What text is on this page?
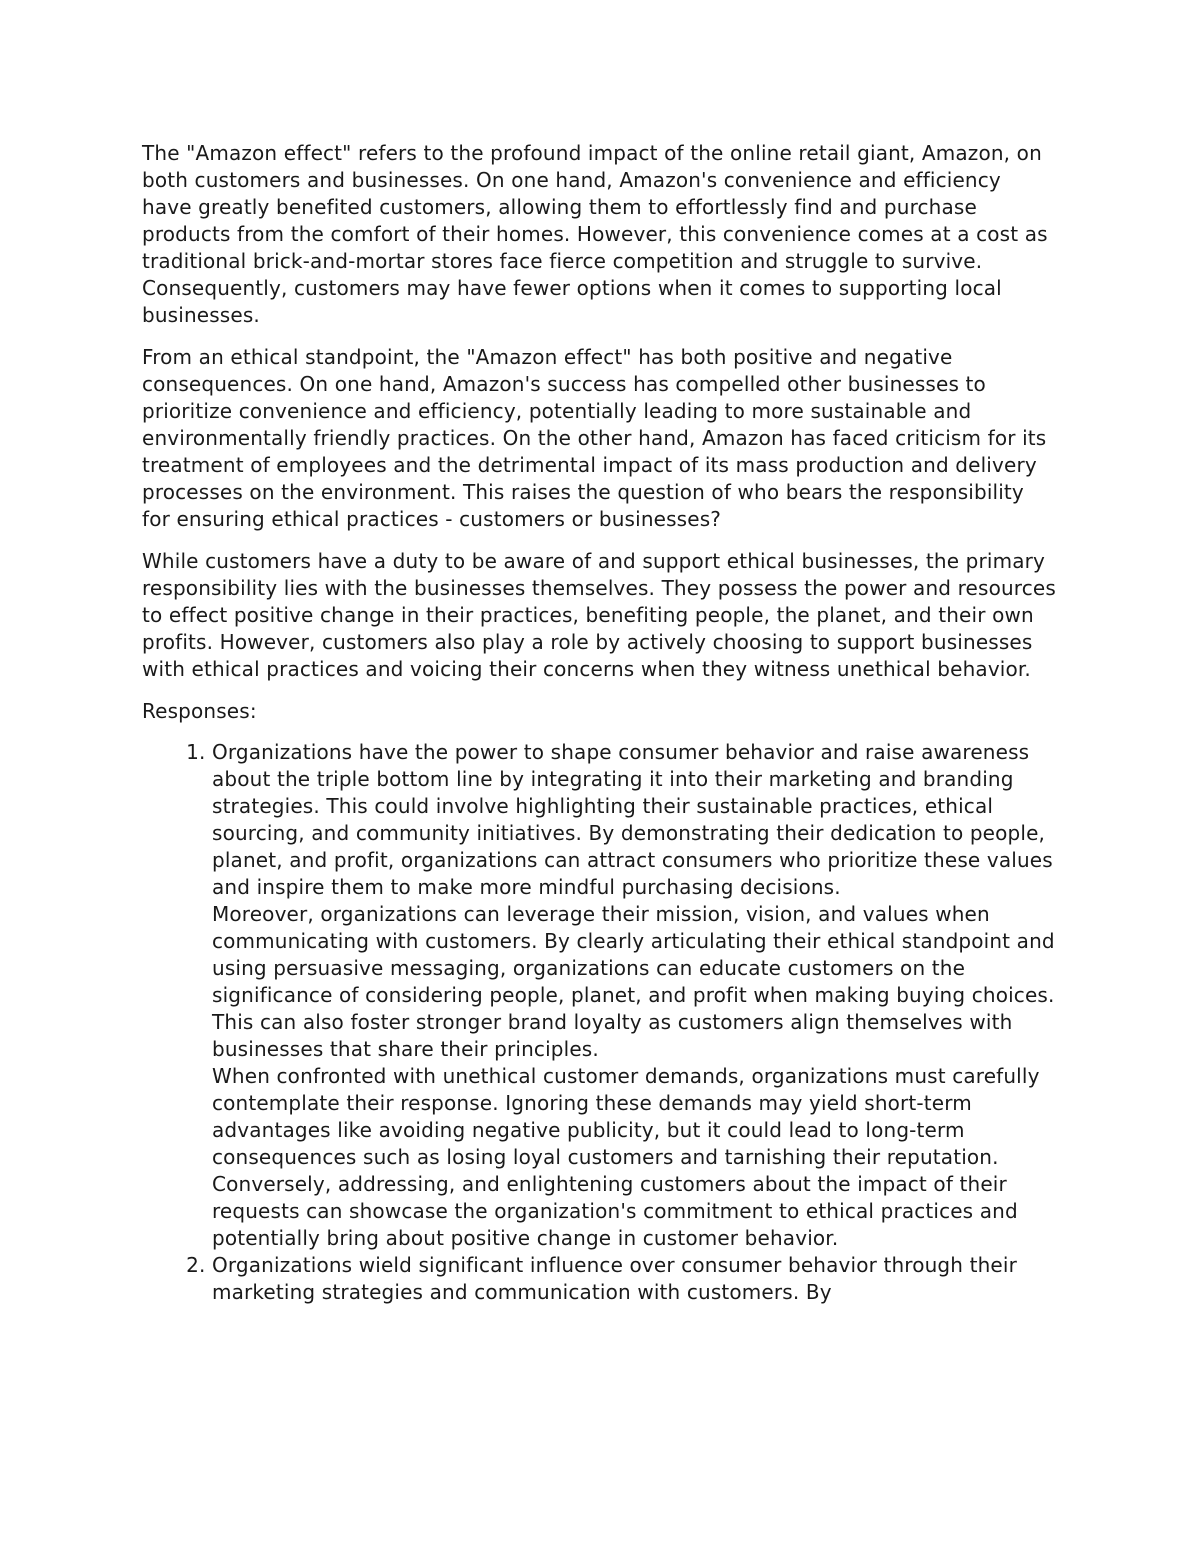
The "Amazon effect" refers to the profound impact of the online retail giant, Amazon, on both customers and businesses. On one hand, Amazon's convenience and efficiency have greatly benefited customers, allowing them to effortlessly find and purchase products from the comfort of their homes. However, this convenience comes at a cost as traditional brick-and-mortar stores face fierce competition and struggle to survive. Consequently, customers may have fewer options when it comes to supporting local businesses.

From an ethical standpoint, the "Amazon effect" has both positive and negative consequences. On one hand, Amazon's success has compelled other businesses to prioritize convenience and efficiency, potentially leading to more sustainable and environmentally friendly practices. On the other hand, Amazon has faced criticism for its treatment of employees and the detrimental impact of its mass production and delivery processes on the environment. This raises the question of who bears the responsibility for ensuring ethical practices - customers or businesses?

While customers have a duty to be aware of and support ethical businesses, the primary responsibility lies with the businesses themselves. They possess the power and resources to effect positive change in their practices, benefiting people, the planet, and their own profits. However, customers also play a role by actively choosing to support businesses with ethical practices and voicing their concerns when they witness unethical behavior.

Responses:

1. Organizations have the power to shape consumer behavior and raise awareness about the triple bottom line by integrating it into their marketing and branding strategies. This could involve highlighting their sustainable practices, ethical sourcing, and community initiatives. By demonstrating their dedication to people, planet, and profit, organizations can attract consumers who prioritize these values and inspire them to make more mindful purchasing decisions.
Moreover, organizations can leverage their mission, vision, and values when communicating with customers. By clearly articulating their ethical standpoint and using persuasive messaging, organizations can educate customers on the significance of considering people, planet, and profit when making buying choices. This can also foster stronger brand loyalty as customers align themselves with businesses that share their principles.
When confronted with unethical customer demands, organizations must carefully contemplate their response. Ignoring these demands may yield short-term advantages like avoiding negative publicity, but it could lead to long-term consequences such as losing loyal customers and tarnishing their reputation. Conversely, addressing, and enlightening customers about the impact of their requests can showcase the organization's commitment to ethical practices and potentially bring about positive change in customer behavior.
2. Organizations wield significant influence over consumer behavior through their marketing strategies and communication with customers. By
